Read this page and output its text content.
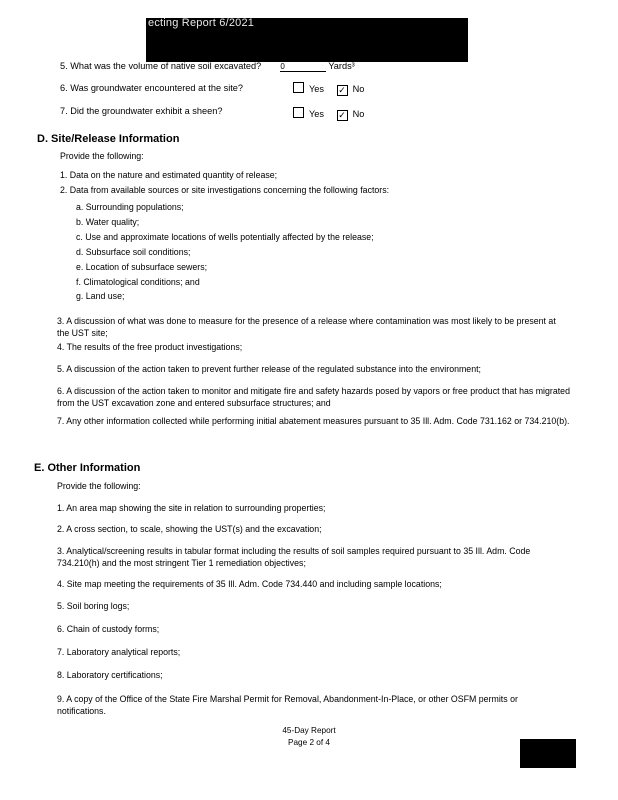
ecting Report 6/2021
5. What was the volume of native soil excavated? 0	Yards³
6. Was groundwater encountered at the site?	Yes ✓ No
7. Did the groundwater exhibit a sheen?	Yes ✓ No
D. Site/Release Information
Provide the following:
1. Data on the nature and estimated quantity of release;
2. Data from available sources or site investigations concerning the following factors:
a. Surrounding populations;
b. Water quality;
c. Use and approximate locations of wells potentially affected by the release;
d. Subsurface soil conditions;
e. Location of subsurface sewers;
f. Climatological conditions; and
g. Land use;
3. A discussion of what was done to measure for the presence of a release where contamination was most likely to be present at the UST site;
4. The results of the free product investigations;
5. A discussion of the action taken to prevent further release of the regulated substance into the environment;
6. A discussion of the action taken to monitor and mitigate fire and safety hazards posed by vapors or free product that has migrated from the UST excavation zone and entered subsurface structures; and
7. Any other information collected while performing initial abatement measures pursuant to 35 Ill. Adm. Code 731.162 or 734.210(b).
E. Other Information
Provide the following:
1. An area map showing the site in relation to surrounding properties;
2. A cross section, to scale, showing the UST(s) and the excavation;
3. Analytical/screening results in tabular format including the results of soil samples required pursuant to 35 Ill. Adm. Code 734.210(h) and the most stringent Tier 1 remediation objectives;
4. Site map meeting the requirements of 35 Ill. Adm. Code 734.440 and including sample locations;
5. Soil boring logs;
6. Chain of custody forms;
7. Laboratory analytical reports;
8. Laboratory certifications;
9. A copy of the Office of the State Fire Marshal Permit for Removal, Abandonment-In-Place, or other OSFM permits or notifications.
45-Day Report
Page 2 of 4
